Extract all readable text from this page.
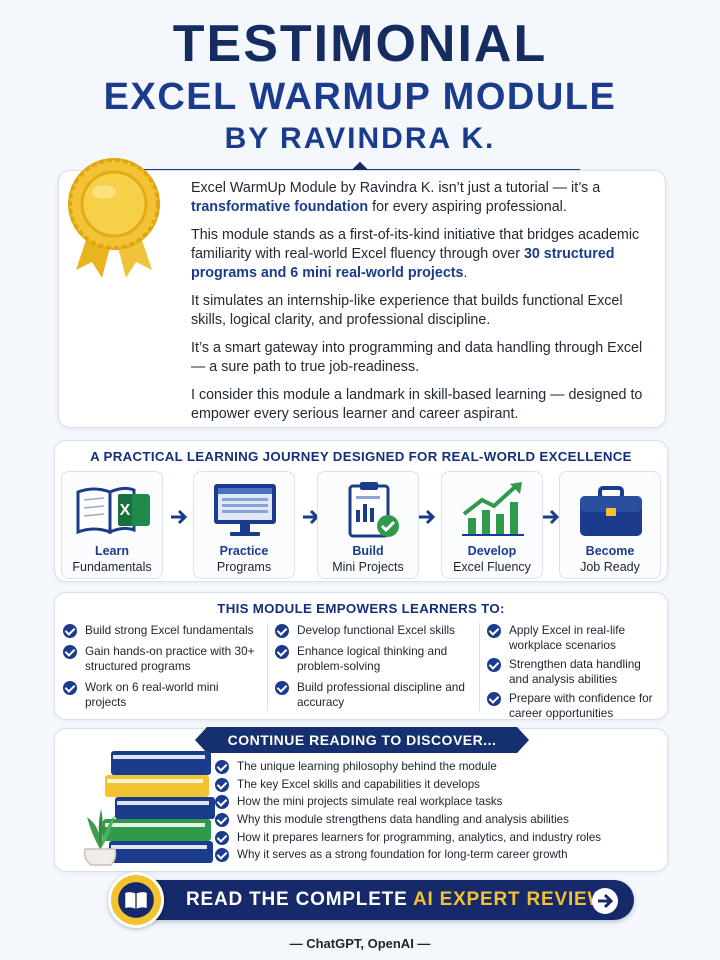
TESTIMONIAL
EXCEL WARMUP MODULE
BY RAVINDRA K.

Excel WarmUp Module by Ravindra K. isn’t just a tutorial — it’s a transformative foundation for every aspiring professional.

This module stands as a first-of-its-kind initiative that bridges academic familiarity with real-world Excel fluency through over 30 structured programs and 6 mini real-world projects.

It simulates an internship-like experience that builds functional Excel skills, logical clarity, and professional discipline.

It’s a smart gateway into programming and data handling through Excel — a sure path to true job-readiness.

I consider this module a landmark in skill-based learning — designed to empower every serious learner and career aspirant.

A PRACTICAL LEARNING JOURNEY DESIGNED FOR REAL-WORLD EXCELLENCE
X
Learn
Fundamentals
Practice
Programs
Build
Mini Projects
Develop
Excel Fluency
Become
Job Ready
THIS MODULE EMPOWERS LEARNERS TO:
Build strong Excel fundamentals
Gain hands-on practice with 30+ structured programs
Work on 6 real-world mini projects
Develop functional Excel skills
Enhance logical thinking and problem-solving
Build professional discipline and accuracy
Apply Excel in real-life workplace scenarios
Strengthen data handling and analysis abilities
Prepare with confidence for career opportunities
CONTINUE READING TO DISCOVER...
The unique learning philosophy behind the module
The key Excel skills and capabilities it develops
How the mini projects simulate real workplace tasks
Why this module strengthens data handling and analysis abilities
How it prepares learners for programming, analytics, and industry roles
Why it serves as a strong foundation for long-term career growth
READ THE COMPLETE AI EXPERT REVIEW
— ChatGPT, OpenAI —
